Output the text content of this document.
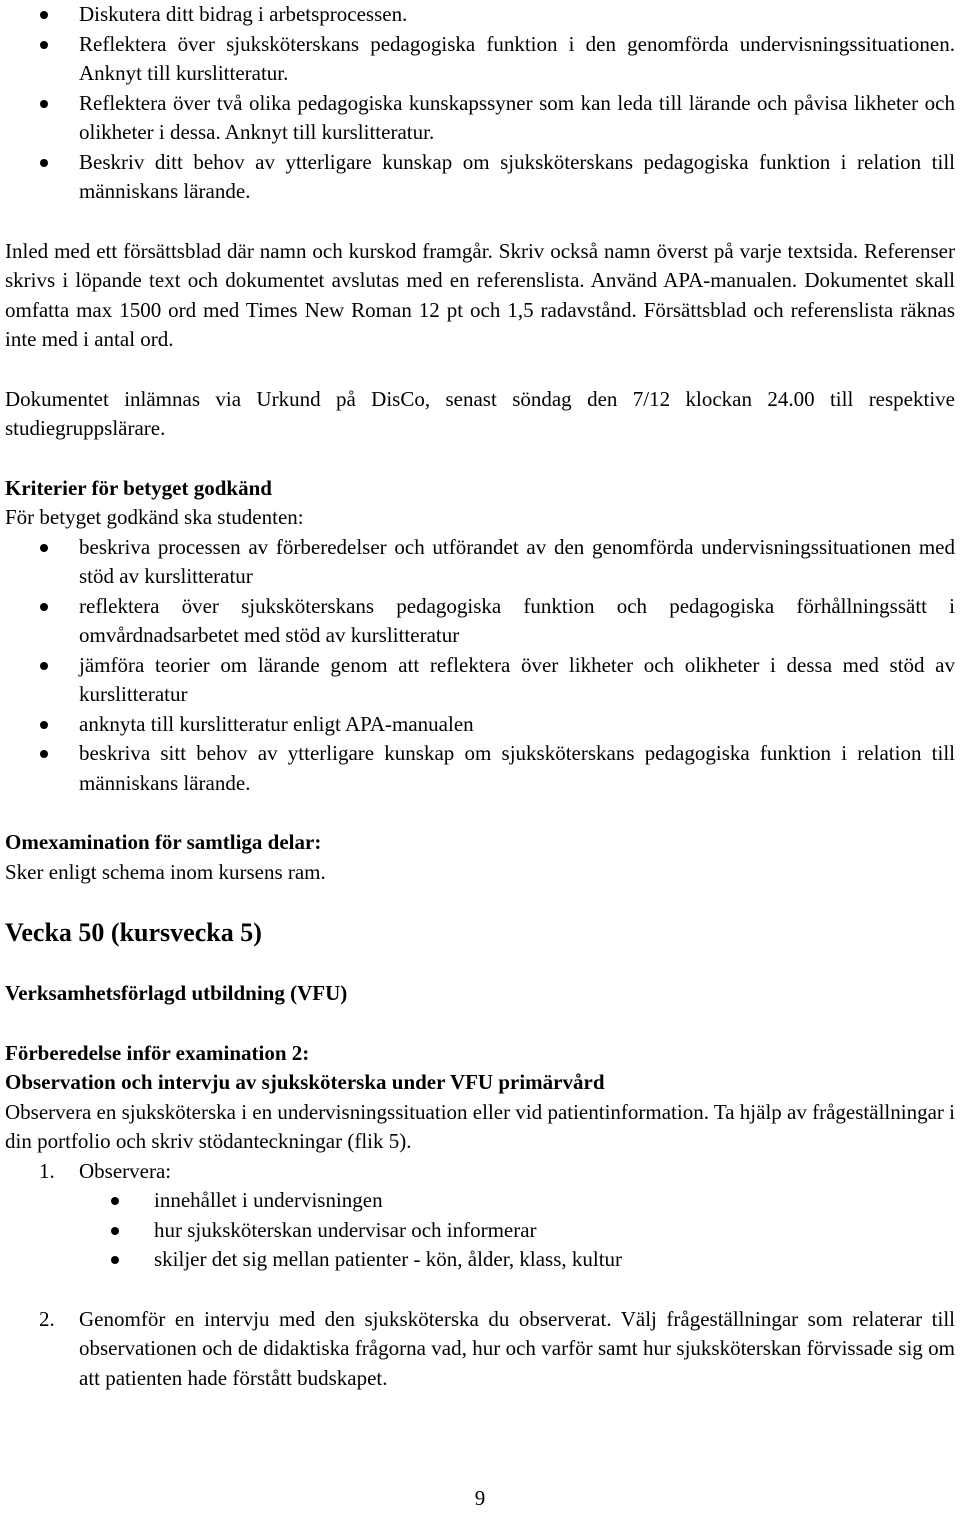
Diskutera ditt bidrag i arbetsprocessen.
Reflektera över sjuksköterskans pedagogiska funktion i den genomförda undervisningssituationen. Anknyt till kurslitteratur.
Reflektera över två olika pedagogiska kunskapssyner som kan leda till lärande och påvisa likheter och olikheter i dessa. Anknyt till kurslitteratur.
Beskriv ditt behov av ytterligare kunskap om sjuksköterskans pedagogiska funktion i relation till människans lärande.

Inled med ett försättsblad där namn och kurskod framgår. Skriv också namn överst på varje textsida. Referenser skrivs i löpande text och dokumentet avslutas med en referenslista. Använd APA-manualen. Dokumentet skall omfatta max 1500 ord med Times New Roman 12 pt och 1,5 radavstånd. Försättsblad och referenslista räknas inte med i antal ord.

Dokumentet inlämnas via Urkund på DisCo, senast söndag den 7/12 klockan 24.00 till respektive studiegruppslärare.

Kriterier för betyget godkänd

För betyget godkänd ska studenten:

beskriva processen av förberedelser och utförandet av den genomförda undervisningssituationen med stöd av kurslitteratur
reflektera över sjuksköterskans pedagogiska funktion och pedagogiska förhållningssätt i omvårdnadsarbetet med stöd av kurslitteratur
jämföra teorier om lärande genom att reflektera över likheter och olikheter i dessa med stöd av kurslitteratur
anknyta till kurslitteratur enligt APA-manualen
beskriva sitt behov av ytterligare kunskap om sjuksköterskans pedagogiska funktion i relation till människans lärande.

Omexamination för samtliga delar:

Sker enligt schema inom kursens ram.

Vecka 50 (kursvecka 5)

Verksamhetsförlagd utbildning (VFU)

Förberedelse inför examination 2:

Observation och intervju av sjuksköterska under VFU primärvård

Observera en sjuksköterska i en undervisningssituation eller vid patientinformation. Ta hjälp av frågeställningar i din portfolio och skriv stödanteckningar (flik 5).

1. Observera:
innehållet i undervisningen
hur sjuksköterskan undervisar och informerar
skiljer det sig mellan patienter - kön, ålder, klass, kultur
2. Genomför en intervju med den sjuksköterska du observerat. Välj frågeställningar som relaterar till observationen och de didaktiska frågorna vad, hur och varför samt hur sjuksköterskan förvissade sig om att patienten hade förstått budskapet.
9
